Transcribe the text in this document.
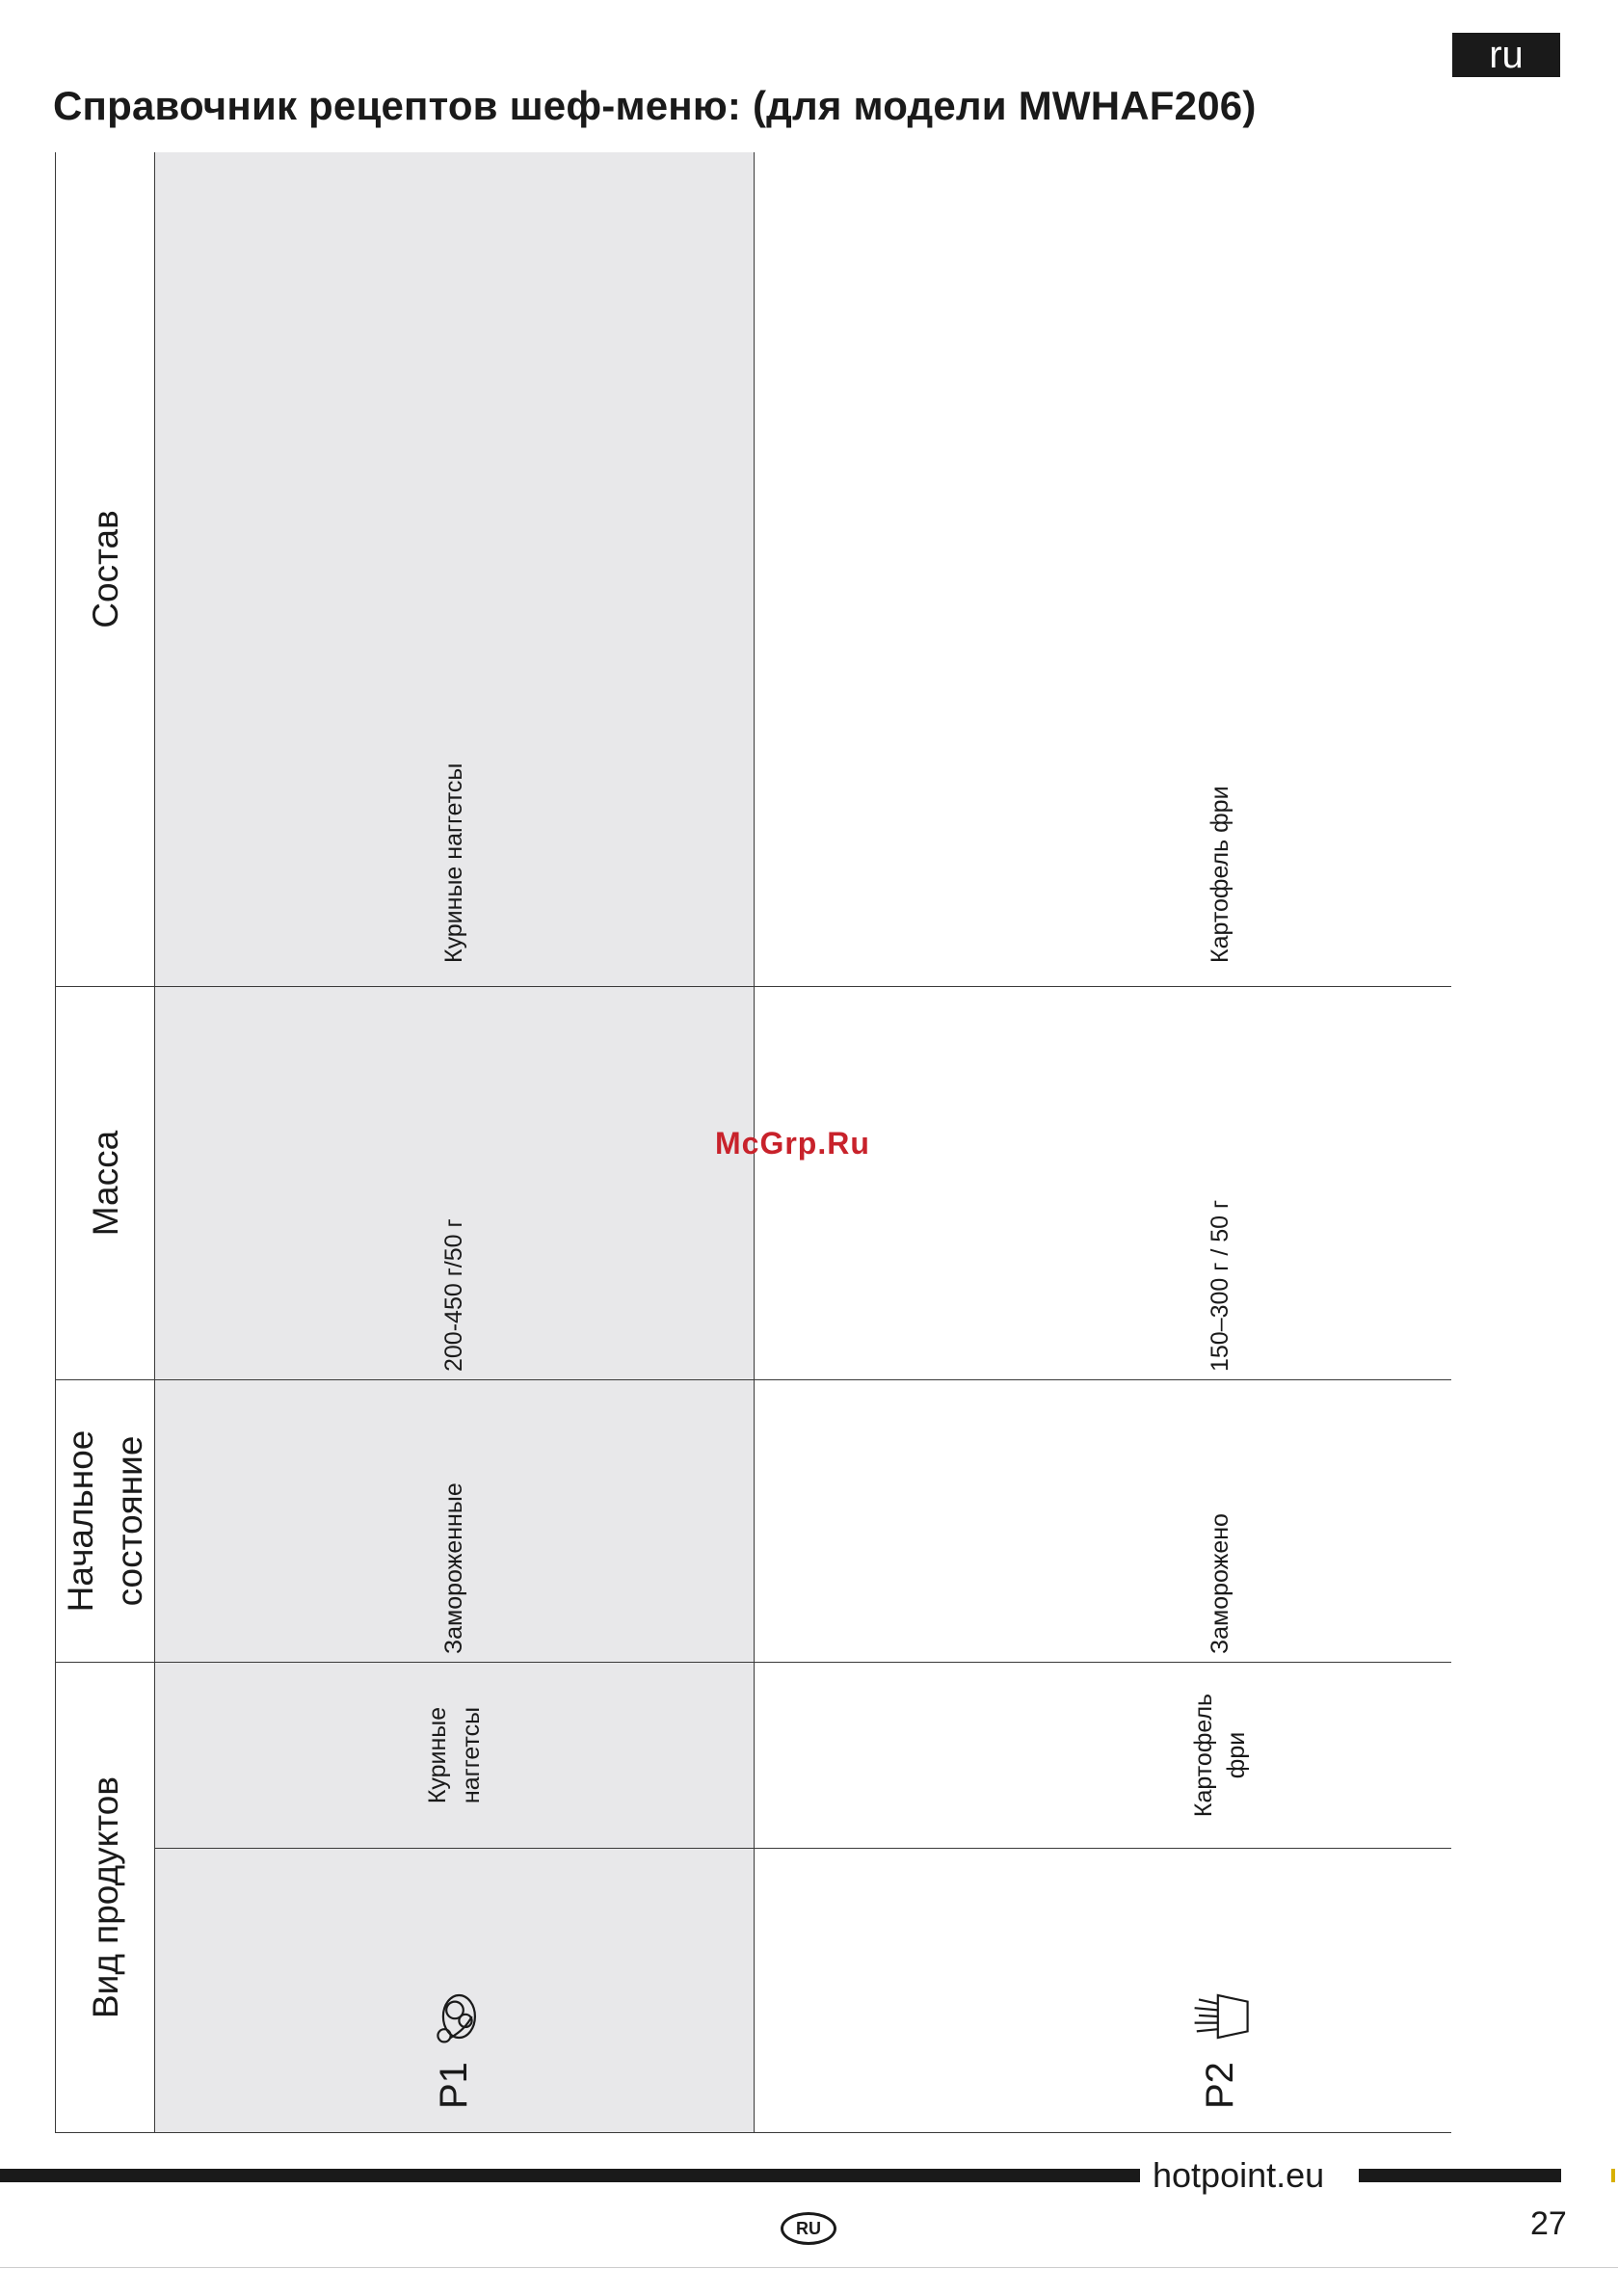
ru
Справочник рецептов шеф-меню: (для модели MWHAF206)
Вид продуктов		Начальное состояние	Масса	Состав	

P1	Куриные наггетсы	Замороженные	200-450 г/50 г	Куриные наггетсы

P2	Картофель фри	Заморожено	150–300 г / 50 г	Картофель фри

McGrp.Ru
hotpoint.eu
RU	27
